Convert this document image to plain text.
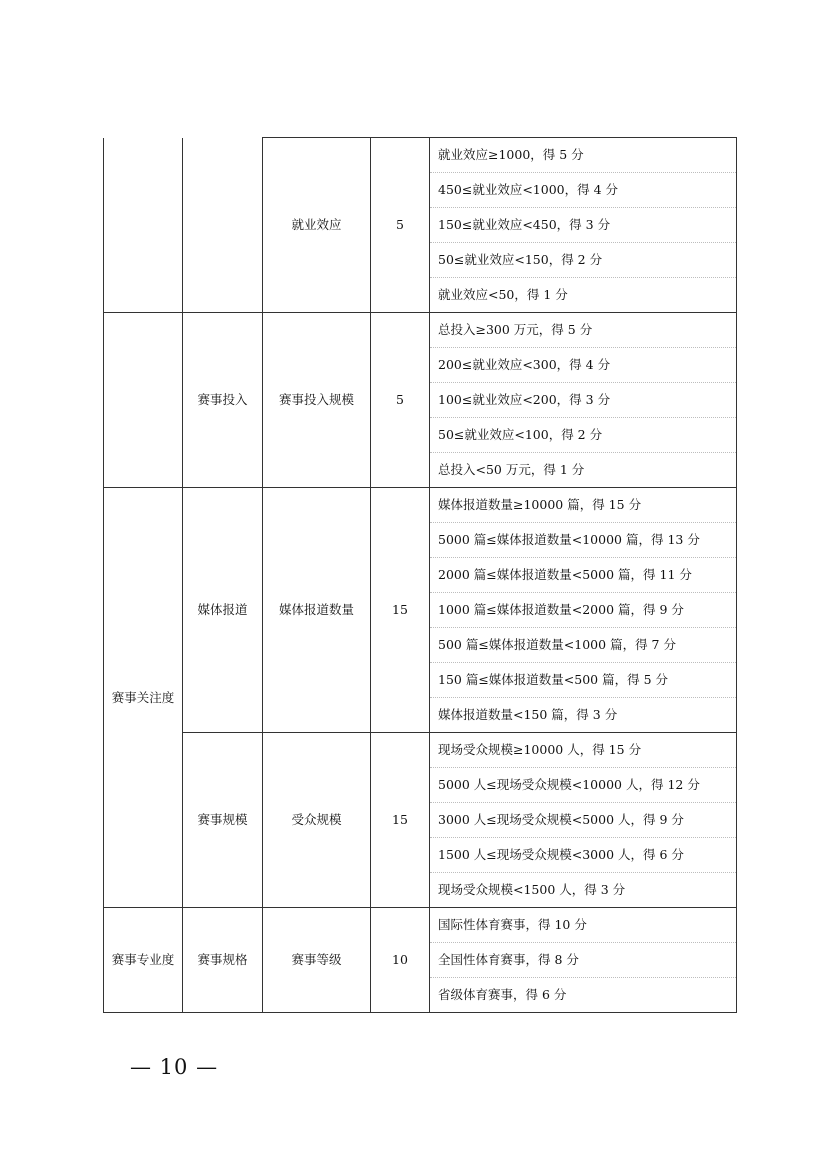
		就业效应	5	就业效应≥1000，得 5 分
				450≤就业效应<1000，得 4 分
				150≤就业效应<450，得 3 分
				50≤就业效应<150，得 2 分
				就业效应<50，得 1 分
	赛事投入	赛事投入规模	5	总投入≥300 万元，得 5 分
				200≤就业效应<300，得 4 分
				100≤就业效应<200，得 3 分
				50≤就业效应<100，得 2 分
				总投入<50 万元，得 1 分
赛事关注度	媒体报道	媒体报道数量	15	媒体报道数量≥10000 篇，得 15 分
				5000 篇≤媒体报道数量<10000 篇，得 13 分
				2000 篇≤媒体报道数量<5000 篇，得 11 分
				1000 篇≤媒体报道数量<2000 篇，得 9 分
				500 篇≤媒体报道数量<1000 篇，得 7 分
				150 篇≤媒体报道数量<500 篇，得 5 分
				媒体报道数量<150 篇，得 3 分
	赛事规模	受众规模	15	现场受众规模≥10000 人，得 15 分
				5000 人≤现场受众规模<10000 人，得 12 分
				3000 人≤现场受众规模<5000 人，得 9 分
				1500 人≤现场受众规模<3000 人，得 6 分
				现场受众规模<1500 人，得 3 分
赛事专业度	赛事规格	赛事等级	10	国际性体育赛事，得 10 分
				全国性体育赛事，得 8 分
				省级体育赛事，得 6 分
— 10 —
